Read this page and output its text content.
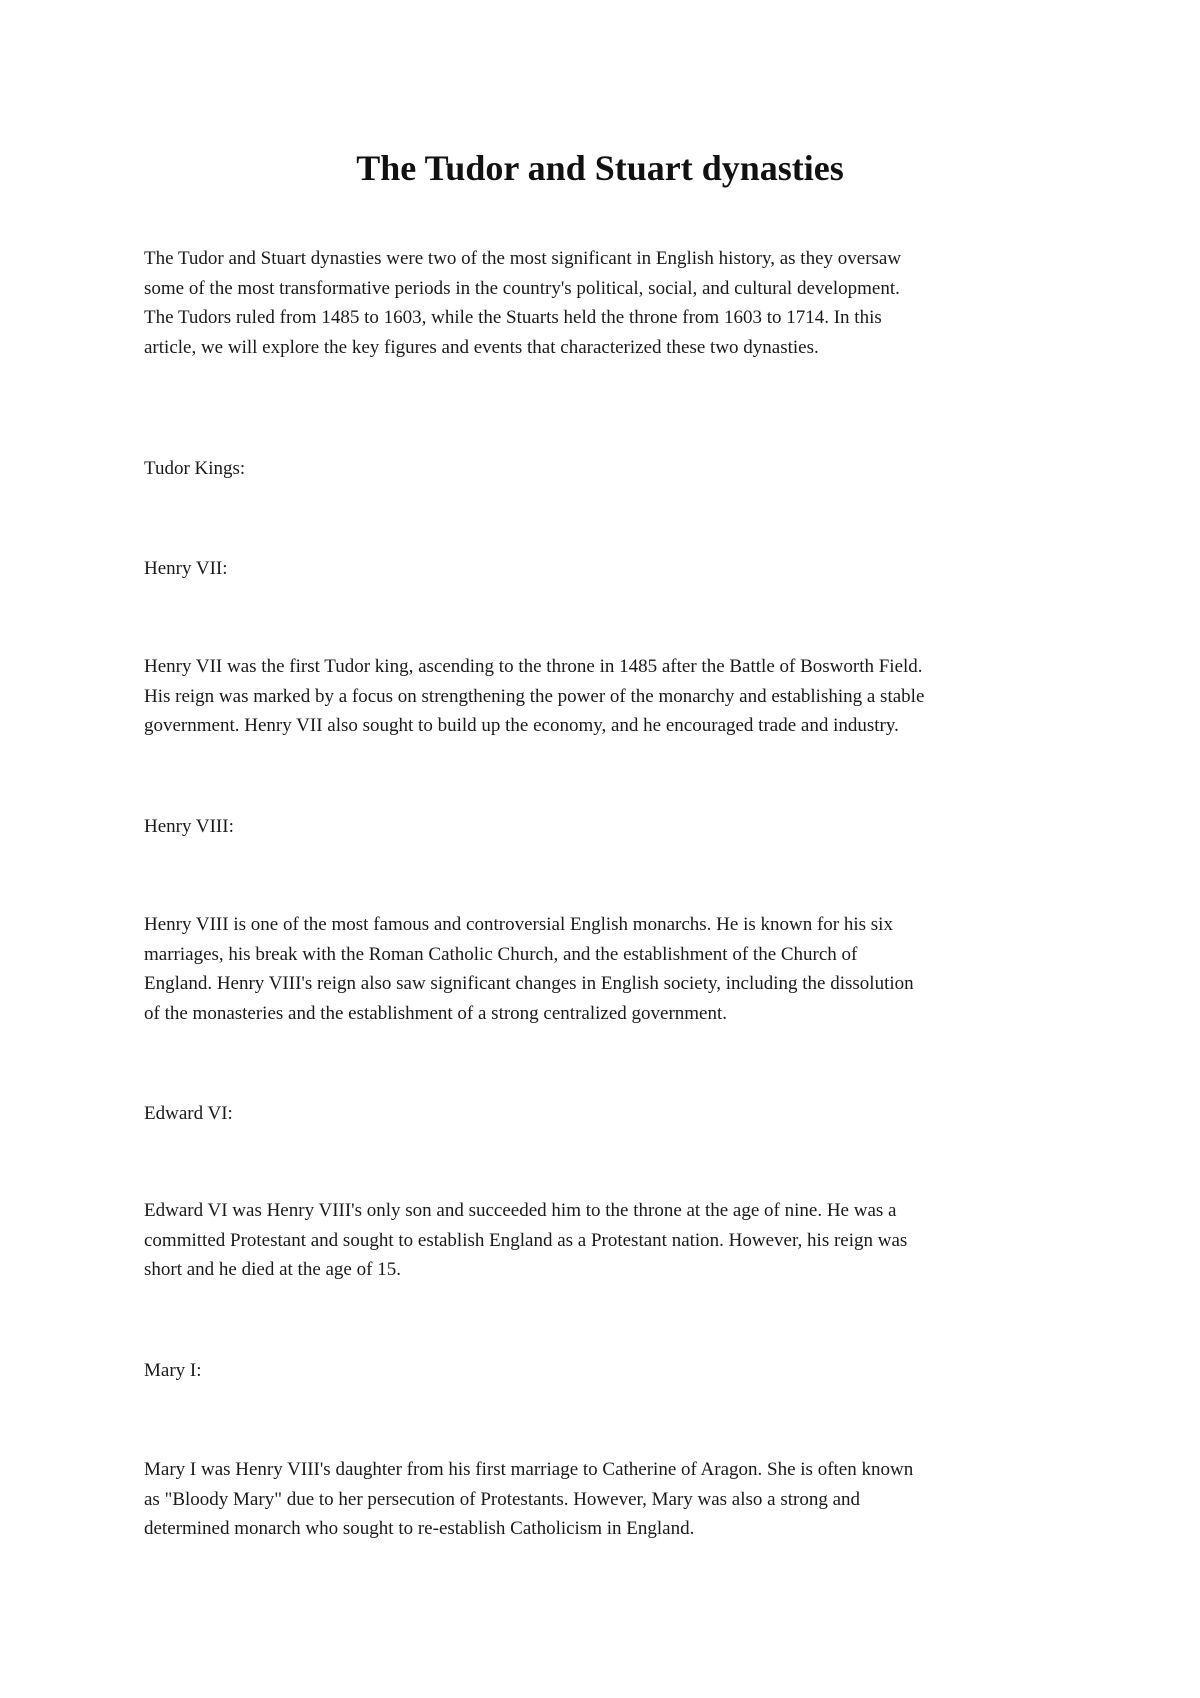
The Tudor and Stuart dynasties

The Tudor and Stuart dynasties were two of the most significant in English history, as they oversaw
some of the most transformative periods in the country's political, social, and cultural development.
The Tudors ruled from 1485 to 1603, while the Stuarts held the throne from 1603 to 1714. In this
article, we will explore the key figures and events that characterized these two dynasties.

Tudor Kings:

Henry VII:

Henry VII was the first Tudor king, ascending to the throne in 1485 after the Battle of Bosworth Field.
His reign was marked by a focus on strengthening the power of the monarchy and establishing a stable
government. Henry VII also sought to build up the economy, and he encouraged trade and industry.

Henry VIII:

Henry VIII is one of the most famous and controversial English monarchs. He is known for his six
marriages, his break with the Roman Catholic Church, and the establishment of the Church of
England. Henry VIII's reign also saw significant changes in English society, including the dissolution
of the monasteries and the establishment of a strong centralized government.

Edward VI:

Edward VI was Henry VIII's only son and succeeded him to the throne at the age of nine. He was a
committed Protestant and sought to establish England as a Protestant nation. However, his reign was
short and he died at the age of 15.

Mary I:

Mary I was Henry VIII's daughter from his first marriage to Catherine of Aragon. She is often known
as "Bloody Mary" due to her persecution of Protestants. However, Mary was also a strong and
determined monarch who sought to re-establish Catholicism in England.
